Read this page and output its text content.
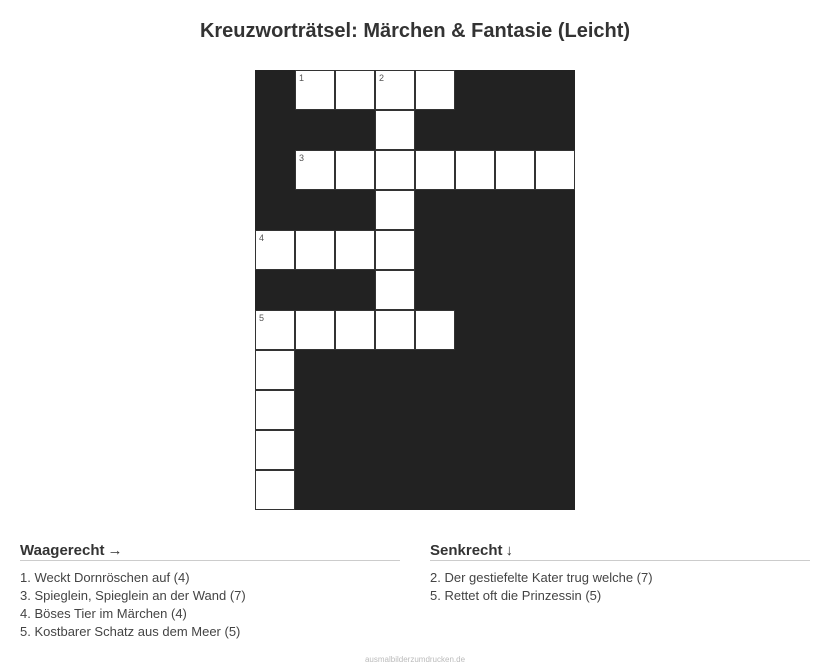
Kreuzworträtsel: Märchen & Fantasie (Leicht)
1	2
3
4
5
Waagerecht →
1. Weckt Dornröschen auf (4)
3. Spieglein, Spieglein an der Wand (7)
4. Böses Tier im Märchen (4)
5. Kostbarer Schatz aus dem Meer (5)
Senkrecht ↓
2. Der gestiefelte Kater trug welche (7)
5. Rettet oft die Prinzessin (5)
ausmalbilderzumdrucken.de
